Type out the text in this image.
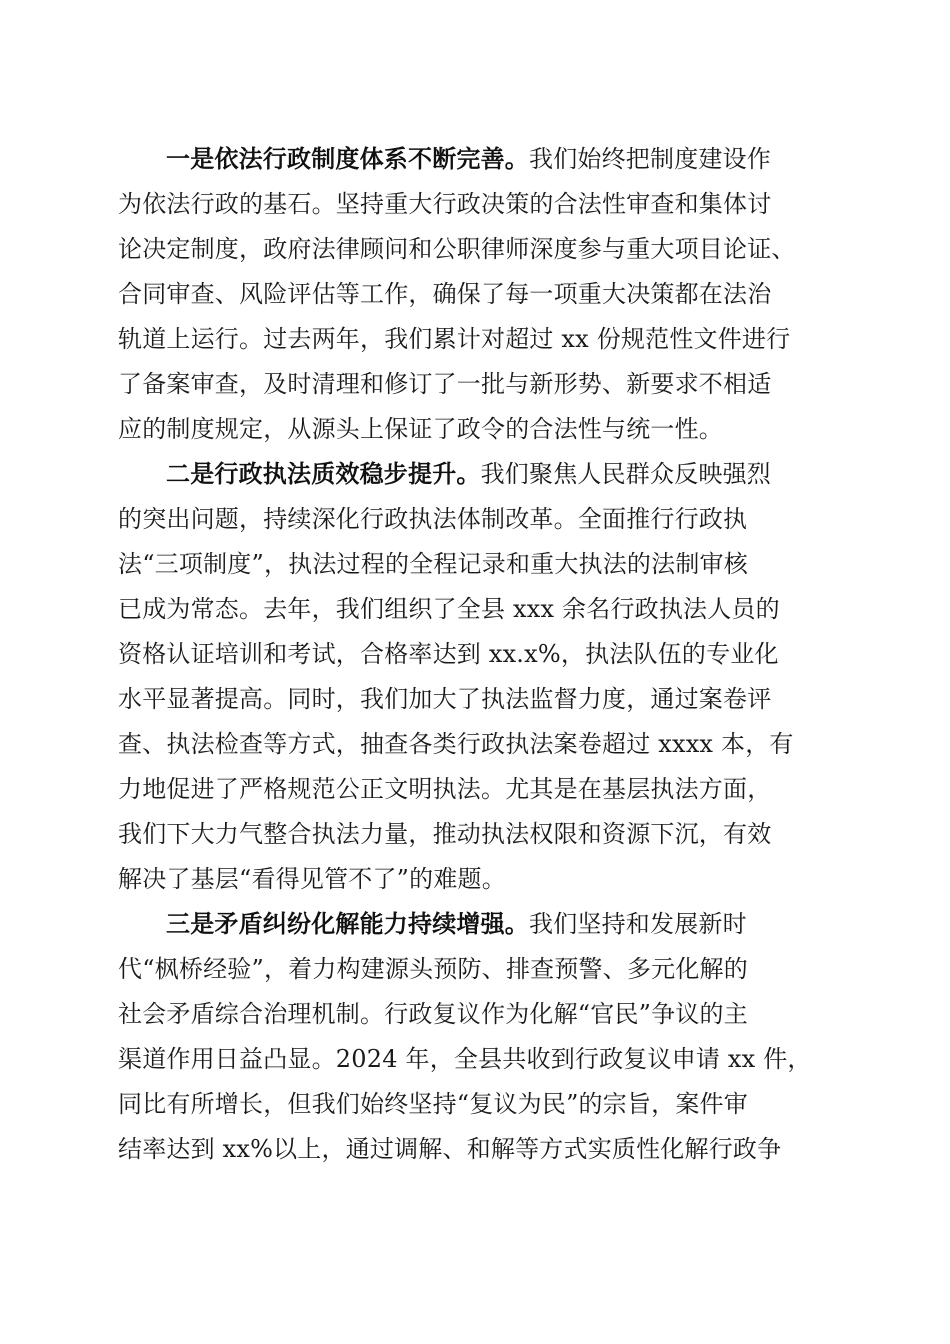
一是依法行政制度体系不断完善。我们始终把制度建设作

为依法行政的基石。坚持重大行政决策的合法性审查和集体讨

论决定制度，政府法律顾问和公职律师深度参与重大项目论证、

合同审查、风险评估等工作，确保了每一项重大决策都在法治

轨道上运行。过去两年，我们累计对超过 xx 份规范性文件进行

了备案审查，及时清理和修订了一批与新形势、新要求不相适

应的制度规定，从源头上保证了政令的合法性与统一性。

二是行政执法质效稳步提升。我们聚焦人民群众反映强烈

的突出问题，持续深化行政执法体制改革。全面推行行政执

法“三项制度”，执法过程的全程记录和重大执法的法制审核

已成为常态。去年，我们组织了全县 xxx 余名行政执法人员的

资格认证培训和考试，合格率达到 xx.x%，执法队伍的专业化

水平显著提高。同时，我们加大了执法监督力度，通过案卷评

查、执法检查等方式，抽查各类行政执法案卷超过 xxxx 本，有

力地促进了严格规范公正文明执法。尤其是在基层执法方面，

我们下大力气整合执法力量，推动执法权限和资源下沉，有效

解决了基层“看得见管不了”的难题。

三是矛盾纠纷化解能力持续增强。我们坚持和发展新时

代“枫桥经验”，着力构建源头预防、排查预警、多元化解的

社会矛盾综合治理机制。行政复议作为化解“官民”争议的主

渠道作用日益凸显。2024 年，全县共收到行政复议申请 xx 件，

同比有所增长，但我们始终坚持“复议为民”的宗旨，案件审

结率达到 xx%以上，通过调解、和解等方式实质性化解行政争
